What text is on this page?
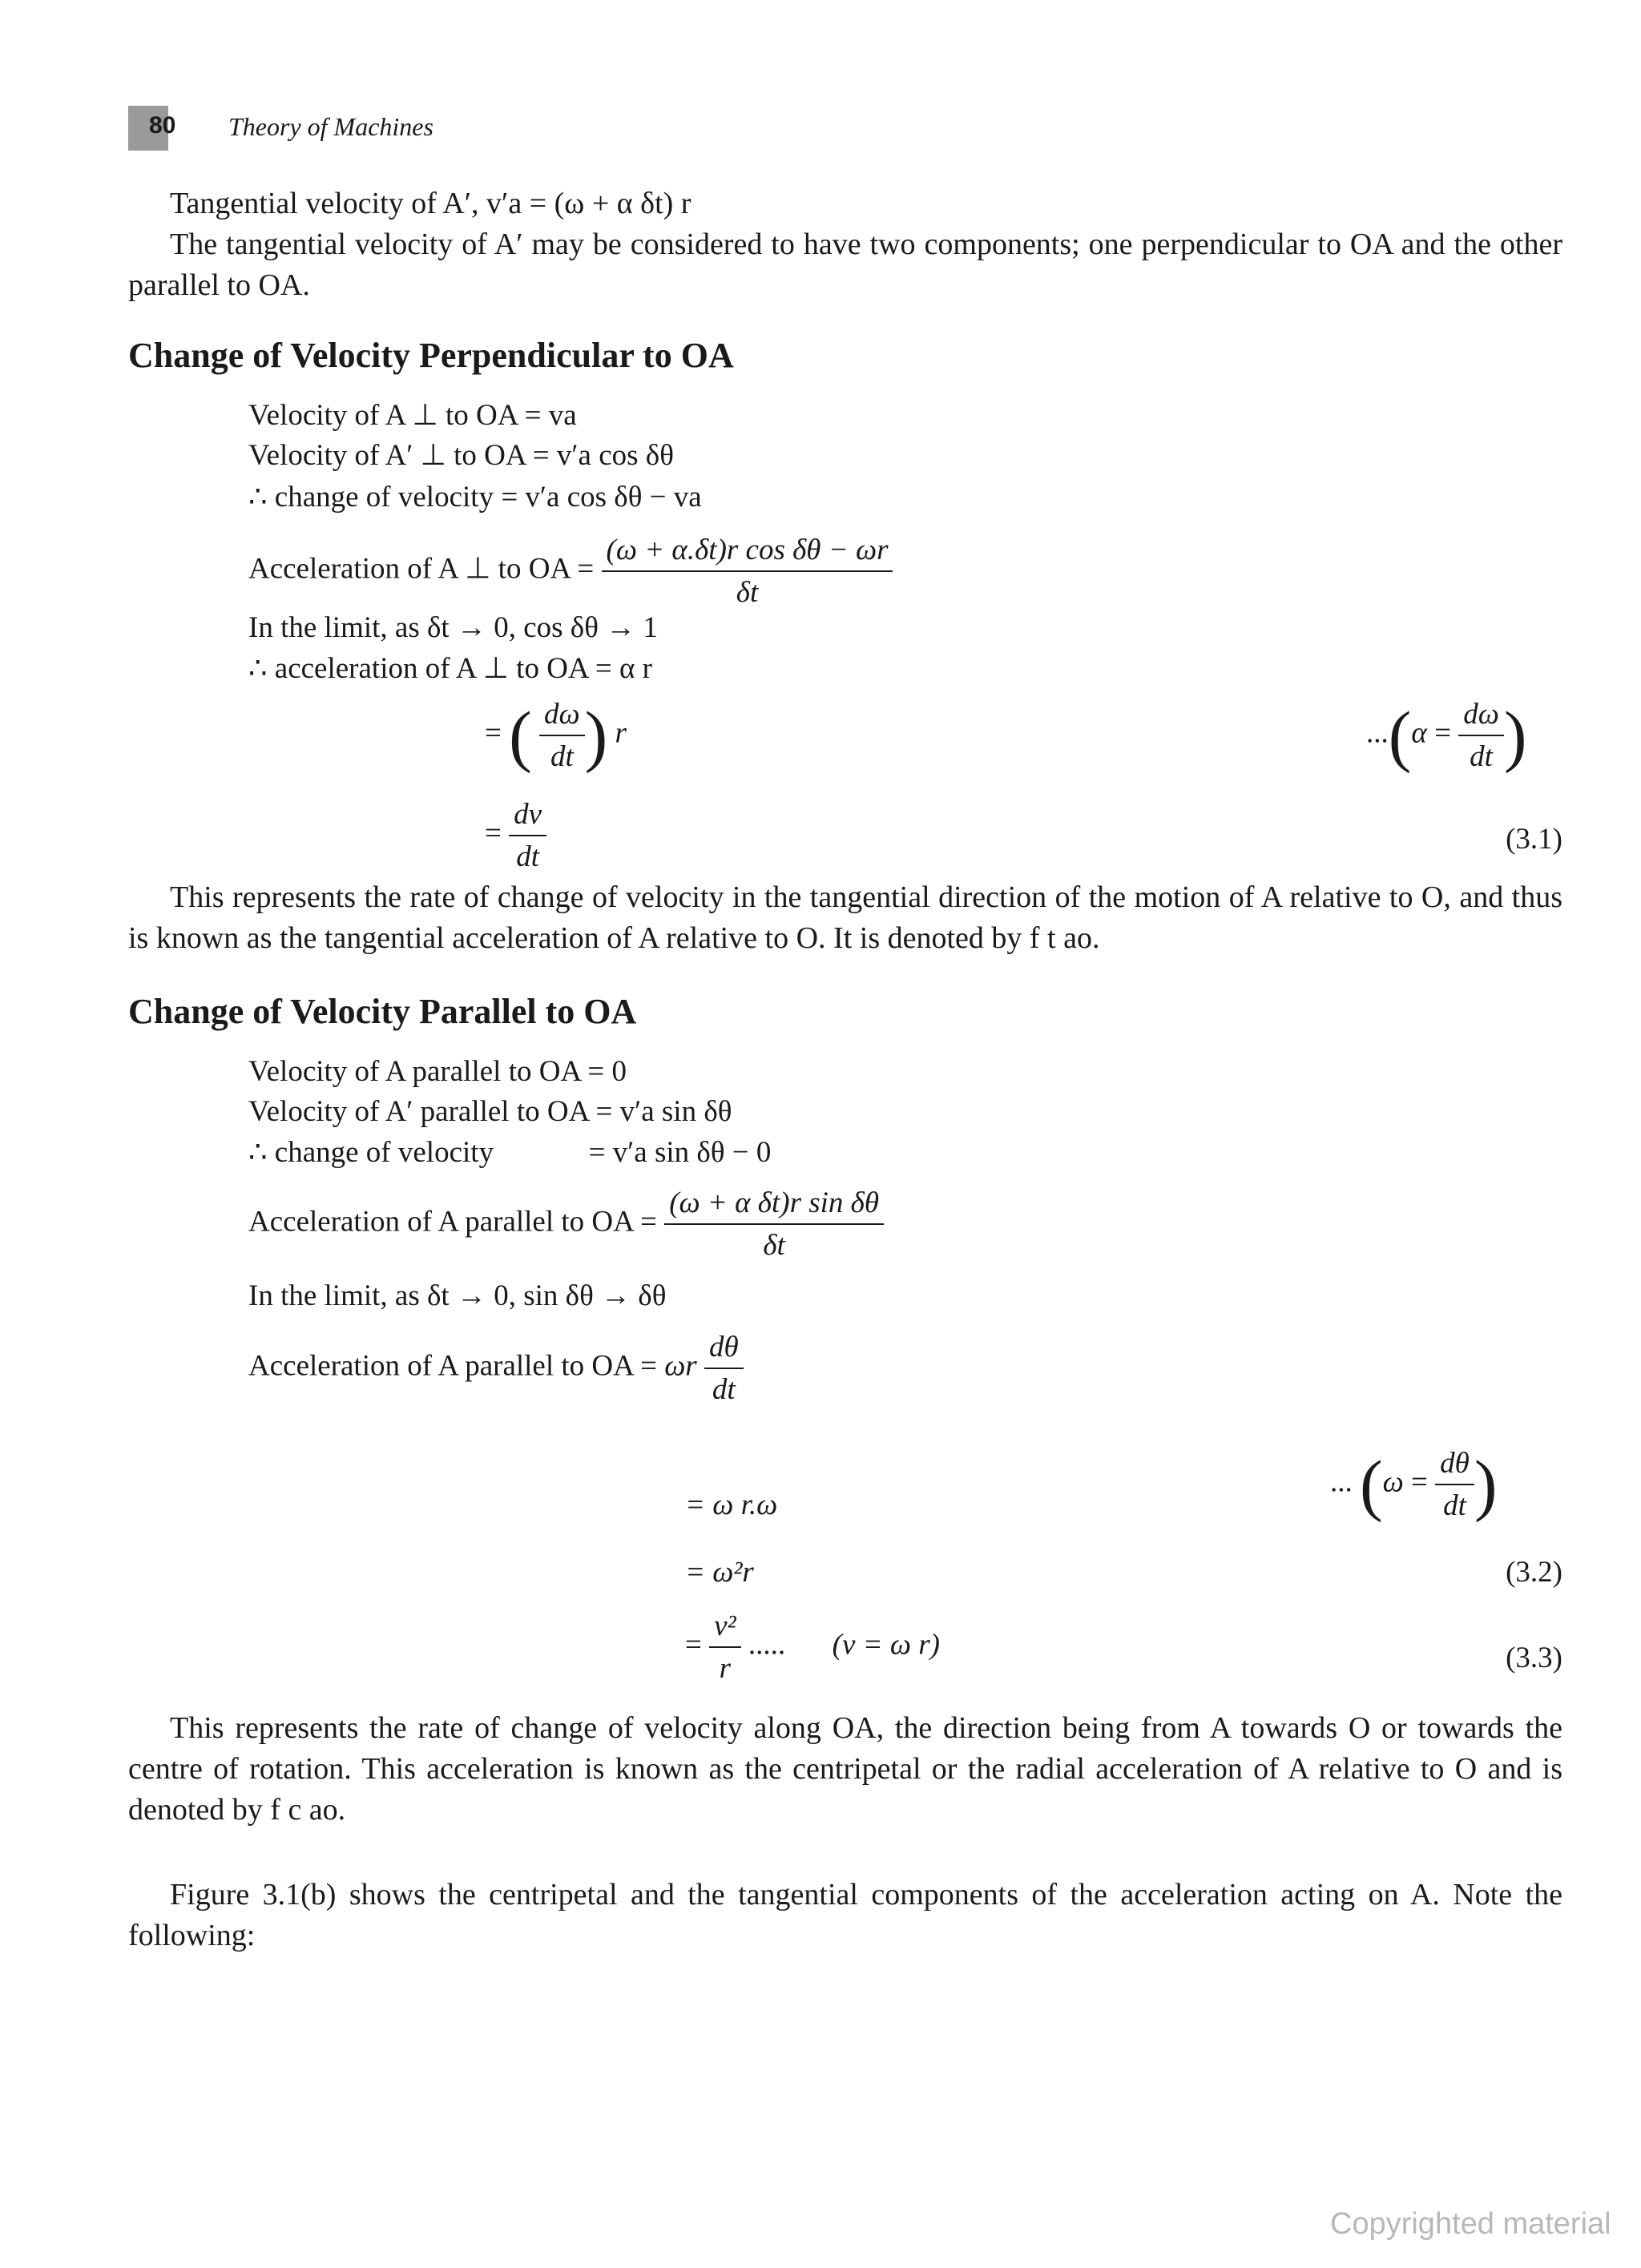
80 Theory of Machines
Tangential velocity of A′, v′a = (ω + α δt) r
The tangential velocity of A′ may be considered to have two components; one perpendicular to OA and the other parallel to OA.
Change of Velocity Perpendicular to OA
Velocity of A ⊥ to OA = va
Velocity of A′ ⊥ to OA = v′a cos δθ
∴ change of velocity = v′a cos δθ − va
Acceleration of A ⊥ to OA = $\frac{\text{(ω + α.δt)r cos δθ − ωr}}{\delta t}$
In the limit, as δt → 0, cos δθ → 1
∴ acceleration of A ⊥ to OA = α r
= ( $\frac{d\omega}{dt}$ ) r	$...(\alpha = \frac{d\omega}{dt}$ )
= $\frac{dv}{dt}$	(3.1)
This represents the rate of change of velocity in the tangential direction of the motion of A relative to O, and thus is known as the tangential acceleration of A relative to O. It is denoted by f t ao.
Change of Velocity Parallel to OA
Velocity of A parallel to OA = 0
Velocity of A′ parallel to OA = v′a sin δθ
∴ change of velocity	= v′a sin δθ − 0
Acceleration of A parallel to OA = $\frac{\text{(ω + α δt)r sin δθ}}{\delta t}$
In the limit, as δt → 0, sin δθ → δθ
Acceleration of A parallel to OA = ωr $\frac{d\theta}{dt}$
= ω r.ω
... ($\omega = \frac{d\theta}{dt}$ )
= ω²r	(3.2)
= $\frac{\text{v²}}{r}$ ..... (v = ω r)	(3.3)
This represents the rate of change of velocity along OA, the direction being from A towards O or towards the centre of rotation. This acceleration is known as the centripetal or the radial acceleration of A relative to O and is denoted by f c ao.
Figure 3.1(b) shows the centripetal and the tangential components of the acceleration acting on A. Note the following:
Copyrighted material
